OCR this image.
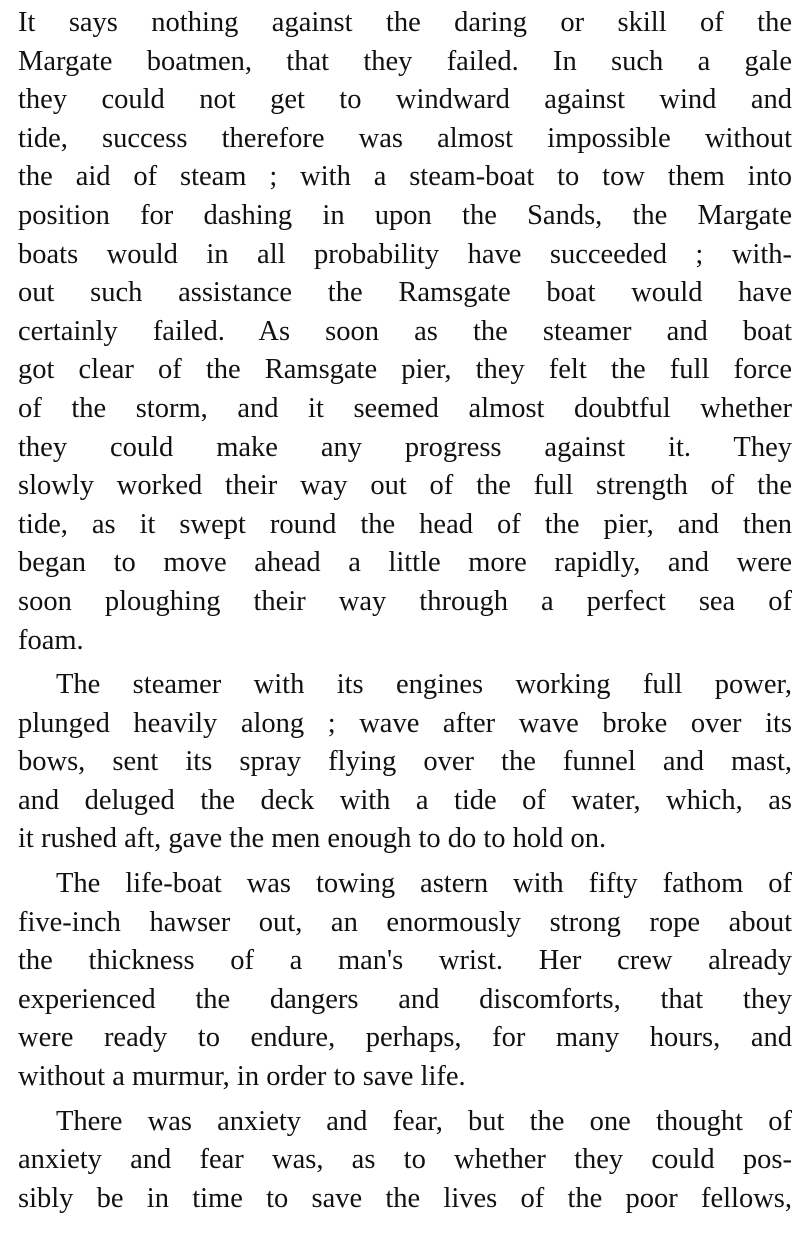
It says nothing against the daring or skill of the
Margate boatmen, that they failed. In such a gale
they could not get to windward against wind and
tide, success therefore was almost impossible without
the aid of steam ; with a steam-boat to tow them into
position for dashing in upon the Sands, the Margate
boats would in all probability have succeeded ; with-
out such assistance the Ramsgate boat would have
certainly failed. As soon as the steamer and boat
got clear of the Ramsgate pier, they felt the full force
of the storm, and it seemed almost doubtful whether
they could make any progress against it. They
slowly worked their way out of the full strength of the
tide, as it swept round the head of the pier, and then
began to move ahead a little more rapidly, and were
soon ploughing their way through a perfect sea of
foam.
The steamer with its engines working full power,
plunged heavily along ; wave after wave broke over its
bows, sent its spray flying over the funnel and mast,
and deluged the deck with a tide of water, which, as
it rushed aft, gave the men enough to do to hold on.
The life-boat was towing astern with fifty fathom of
five-inch hawser out, an enormously strong rope about
the thickness of a man's wrist. Her crew already
experienced the dangers and discomforts, that they
were ready to endure, perhaps, for many hours, and
without a murmur, in order to save life.
There was anxiety and fear, but the one thought of
anxiety and fear was, as to whether they could pos-
sibly be in time to save the lives of the poor fellows,
